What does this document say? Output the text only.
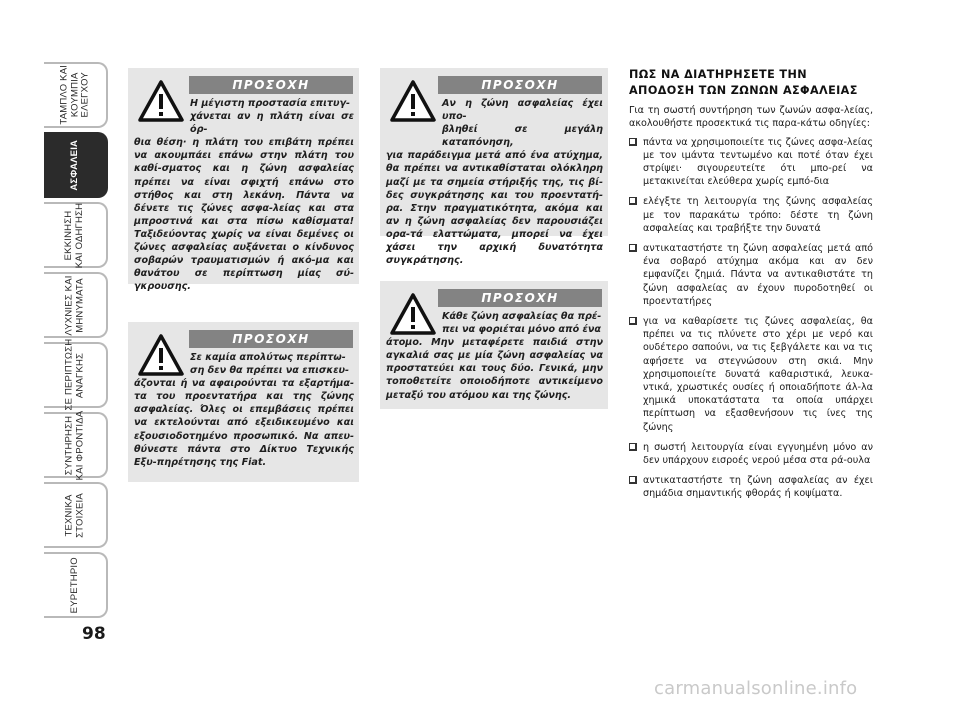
ΤΑΜΠΛΟ ΚΑΙ
ΚΟΥΜΠΙΑ
ΕΛΕΓΧΟΥ
ΑΣΦΑΛΕΙΑ
ΕΚΚΙΝΗΣΗ
ΚΑΙ ΟΔΗΓΗΣΗ
ΛΥΧΝΙΕΣ ΚΑΙ
ΜΗΝΥΜΑΤΑ
ΣΕ ΠΕΡΙΠΤΩΣΗ
ΑΝΑΓΚΗΣ
ΣΥΝΤΗΡΗΣΗ
ΚΑΙ ΦΡΟΝΤΙΔΑ
ΤΕΧΝΙΚΑ
ΣΤΟΙΧΕΙΑ
ΕΥΡΕΤΗΡΙΟ
98
ΠΡΟΣΟΧΗ
Η μέγιστη προστασία επιτυγ-
χάνεται αν η πλάτη είναι σε όρ-
θια θέση· η πλάτη του επιβάτη πρέπει να ακουμπάει επάνω στην πλάτη του καθί-σματος και η ζώνη ασφαλείας πρέπει να είναι σφιχτή επάνω στο στήθος και στη λεκάνη. Πάντα να δένετε τις ζώνες ασφα-λείας και στα μπροστινά και στα πίσω καθίσματα! Ταξιδεύοντας χωρίς να είναι δεμένες οι ζώνες ασφαλείας αυξάνεται ο κίνδυνος σοβαρών τραυματισμών ή ακό-μα και θανάτου σε περίπτωση μίας σύ-γκρουσης.
ΠΡΟΣΟΧΗ
Σε καμία απολύτως περίπτω-
ση δεν θα πρέπει να επισκευ-
άζονται ή να αφαιρούνται τα εξαρτήμα-τα του προεντατήρα και της ζώνης ασφαλείας. Όλες οι επεμβάσεις πρέπει να εκτελούνται από εξειδικευμένο και εξουσιοδοτημένο προσωπικό. Να απευ-θύνεστε πάντα στο Δίκτυο Τεχνικής Εξυ-πηρέτησης της Fiat.
ΠΡΟΣΟΧΗ
Αν η ζώνη ασφαλείας έχει υπο-
βληθεί σε μεγάλη καταπόνηση,
για παράδειγμα μετά από ένα ατύχημα, θα πρέπει να αντικαθίσταται ολόκληρη μαζί με τα σημεία στήριξής της, τις βί-δες συγκράτησης και του προεντατή-ρα. Στην πραγματικότητα, ακόμα και αν η ζώνη ασφαλείας δεν παρουσιάζει ορα-τά ελαττώματα, μπορεί να έχει χάσει την αρχική δυνατότητα συγκράτησης.
ΠΡΟΣΟΧΗ
Κάθε ζώνη ασφαλείας θα πρέ-
πει να φοριέται μόνο από ένα
άτομο. Μην μεταφέρετε παιδιά στην αγκαλιά σας με μία ζώνη ασφαλείας να προστατεύει και τους δύο. Γενικά, μην τοποθετείτε οποιοδήποτε αντικείμενο μεταξύ του ατόμου και της ζώνης.
ΠΩΣ ΝΑ ΔΙΑΤΗΡΗΣΕΤΕ ΤΗΝ ΑΠΟΔΟΣΗ ΤΩΝ ΖΩΝΩΝ ΑΣΦΑΛΕΙΑΣ

Για τη σωστή συντήρηση των ζωνών ασφα-λείας, ακολουθήστε προσεκτικά τις παρα-κάτω οδηγίες:

πάντα να χρησιμοποιείτε τις ζώνες ασφα-λείας με τον ιμάντα τεντωμένο και ποτέ όταν έχει στρίψει· σιγουρευτείτε ότι μπο-ρεί να μετακινείται ελεύθερα χωρίς εμπό-δια
ελέγξτε τη λειτουργία της ζώνης ασφαλείας με τον παρακάτω τρόπο: δέστε τη ζώνη ασφαλείας και τραβήξτε την δυνατά
αντικαταστήστε τη ζώνη ασφαλείας μετά από ένα σοβαρό ατύχημα ακόμα και αν δεν εμφανίζει ζημιά. Πάντα να αντικαθιστάτε τη ζώνη ασφαλείας αν έχουν πυροδοτηθεί οι προεντατήρες
για να καθαρίσετε τις ζώνες ασφαλείας, θα πρέπει να τις πλύνετε στο χέρι με νερό και ουδέτερο σαπούνι, να τις ξεβγάλετε και να τις αφήσετε να στεγνώσουν στη σκιά. Μην χρησιμοποιείτε δυνατά καθαριστικά, λευκα-ντικά, χρωστικές ουσίες ή οποιαδήποτε άλ-λα χημικά υποκατάστατα τα οποία υπάρχει περίπτωση να εξασθενήσουν τις ίνες της ζώνης
η σωστή λειτουργία είναι εγγυημένη μόνο αν δεν υπάρχουν εισροές νερού μέσα στα ρά-ουλα
αντικαταστήστε τη ζώνη ασφαλείας αν έχει σημάδια σημαντικής φθοράς ή κοψίματα.
carmanualsonline.info
